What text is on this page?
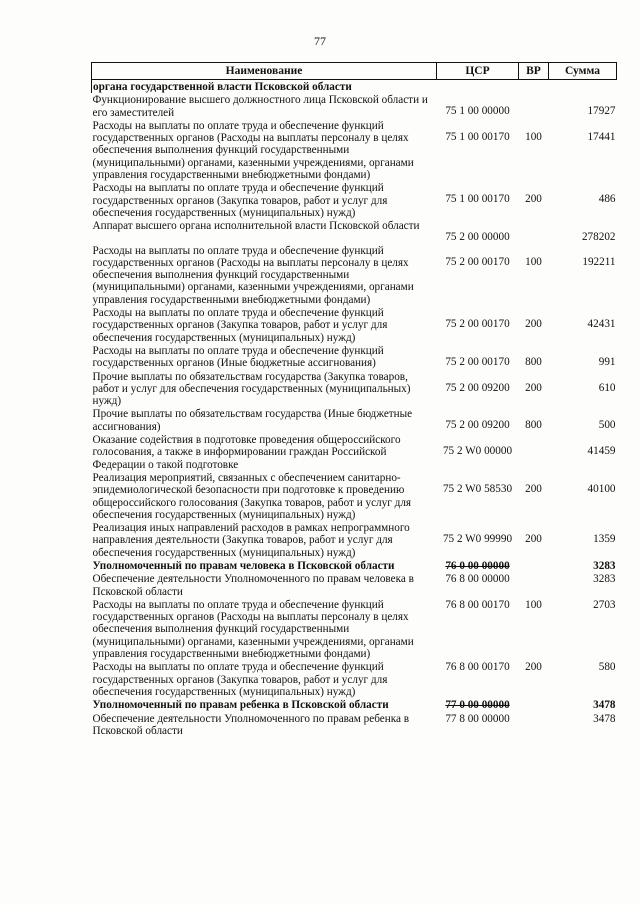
77
Наименование	ЦСР	ВР	Сумма
органа государственной власти Псковской области			
Функционирование высшего должностного лица Псковской области и его заместителей	75 1 00 00000		17927
Расходы на выплаты по оплате труда и обеспечение функций государственных органов (Расходы на выплаты персоналу в целях обеспечения выполнения функций государственными (муниципальными) органами, казенными учреждениями, органами управления государственными внебюджетными фондами)	75 1 00 00170	100	17441
Расходы на выплаты по оплате труда и обеспечение функций государственных органов (Закупка товаров, работ и услуг для обеспечения государственных (муниципальных) нужд)	75 1 00 00170	200	486
Аппарат высшего органа исполнительной власти Псковской области	75 2 00 00000		278202
Расходы на выплаты по оплате труда и обеспечение функций государственных органов (Расходы на выплаты персоналу в целях обеспечения выполнения функций государственными (муниципальными) органами, казенными учреждениями, органами управления государственными внебюджетными фондами)	75 2 00 00170	100	192211
Расходы на выплаты по оплате труда и обеспечение функций государственных органов (Закупка товаров, работ и услуг для обеспечения государственных (муниципальных) нужд)	75 2 00 00170	200	42431
Расходы на выплаты по оплате труда и обеспечение функций государственных органов (Иные бюджетные ассигнования)	75 2 00 00170	800	991
Прочие выплаты по обязательствам государства (Закупка товаров, работ и услуг для обеспечения государственных (муниципальных) нужд)	75 2 00 09200	200	610
Прочие выплаты по обязательствам государства (Иные бюджетные ассигнования)	75 2 00 09200	800	500
Оказание содействия в подготовке проведения общероссийского голосования, а также в информировании граждан Российской Федерации о такой подготовке	75 2 W0 00000		41459
Реализация мероприятий, связанных с обеспечением санитарно-эпидемиологической безопасности при подготовке к проведению общероссийского голосования (Закупка товаров, работ и услуг для обеспечения государственных (муниципальных) нужд)	75 2 W0 58530	200	40100
Реализация иных направлений расходов в рамках непрограммного направления деятельности (Закупка товаров, работ и услуг для обеспечения государственных (муниципальных) нужд)	75 2 W0 99990	200	1359
Уполномоченный по правам человека в Псковской области	76 0 00 00000		3283
Обеспечение деятельности Уполномоченного по правам человека в Псковской области	76 8 00 00000		3283
Расходы на выплаты по оплате труда и обеспечение функций государственных органов (Расходы на выплаты персоналу в целях обеспечения выполнения функций государственными (муниципальными) органами, казенными учреждениями, органами управления государственными внебюджетными фондами)	76 8 00 00170	100	2703
Расходы на выплаты по оплате труда и обеспечение функций государственных органов (Закупка товаров, работ и услуг для обеспечения государственных (муниципальных) нужд)	76 8 00 00170	200	580
Уполномоченный по правам ребенка в Псковской области	77 0 00 00000		3478
Обеспечение деятельности Уполномоченного по правам ребенка в Псковской области	77 8 00 00000		3478
